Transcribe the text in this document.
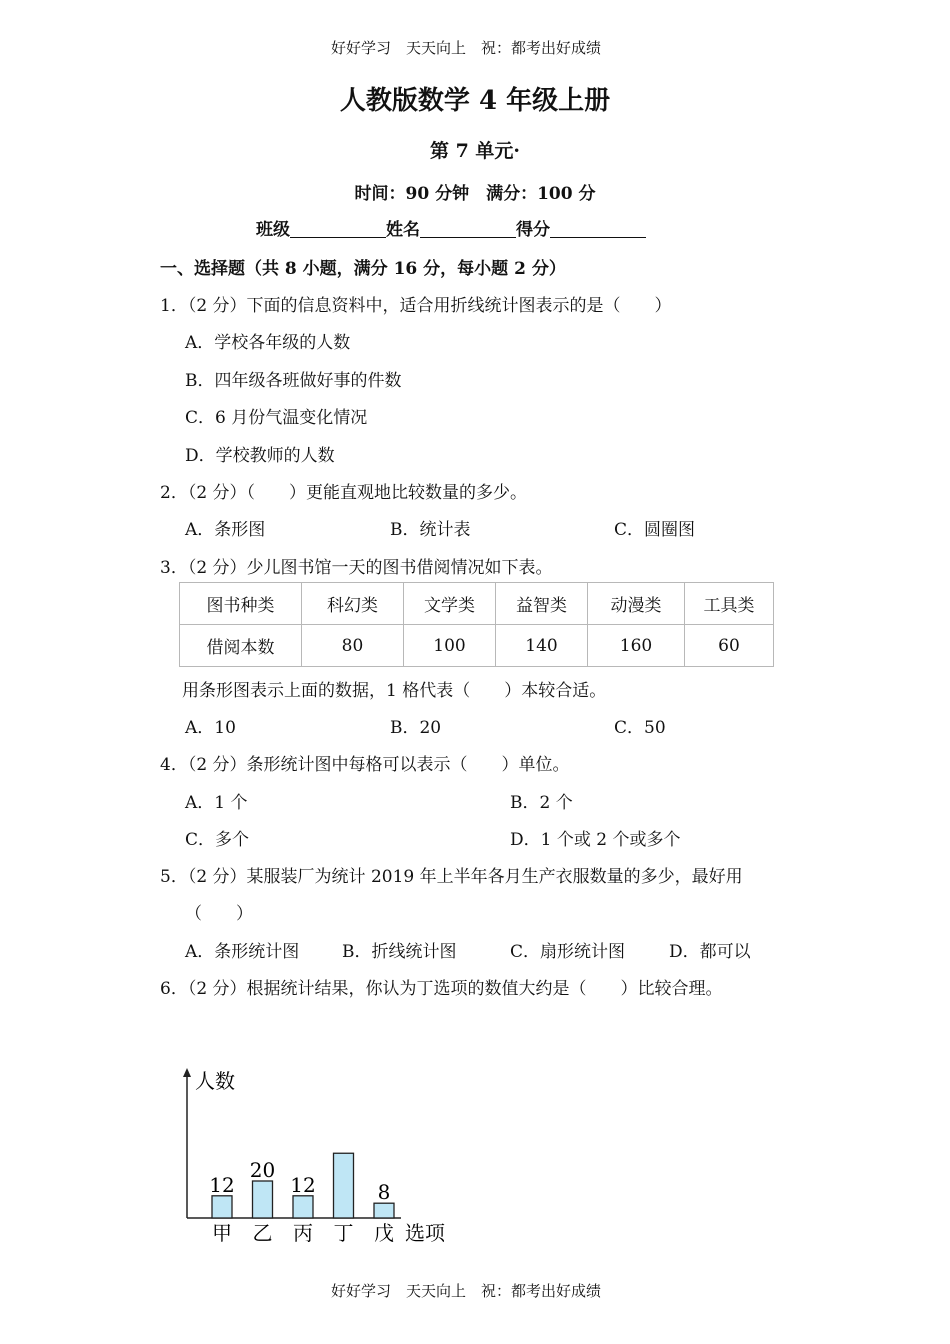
好好学习　天天向上　祝：都考出好成绩
人教版数学 4 年级上册
第 7 单元·
时间：90 分钟　满分：100 分
班级	姓名	得分
一、选择题（共 8 小题，满分 16 分，每小题 2 分）
1．（2 分）下面的信息资料中，适合用折线统计图表示的是（　　）
A．学校各年级的人数
B．四年级各班做好事的件数
C．6 月份气温变化情况
D．学校教师的人数
2．（2 分）（　　）更能直观地比较数量的多少。
A．条形图	B．统计表	C．圆圈图
3．（2 分）少儿图书馆一天的图书借阅情况如下表。
图书种类	科幻类	文学类	益智类	动漫类	工具类
借阅本数	80	100	140	160	60
用条形图表示上面的数据，1 格代表（　　）本较合适。
A．10	B．20	C．50
4．（2 分）条形统计图中每格可以表示（　　）单位。
A．1 个	B．2 个
C．多个	D．1 个或 2 个或多个
5．（2 分）某服装厂为统计 2019 年上半年各月生产衣服数量的多少，最好用
（　　）
A．条形统计图	B．折线统计图	C．扇形统计图	D．都可以
6．（2 分）根据统计结果，你认为丁选项的数值大约是（　　）比较合理。
人数
选项
12
甲
20
乙
12
丙 丁
8
戊
好好学习　天天向上　祝：都考出好成绩
